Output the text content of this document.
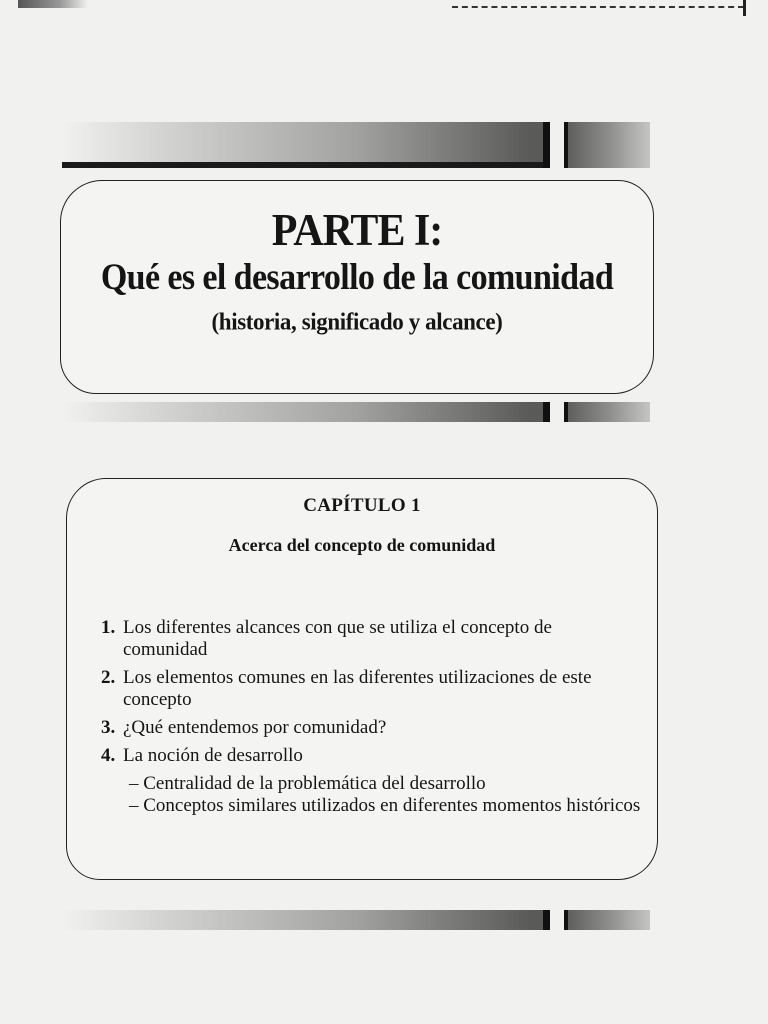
PARTE I:
Qué es el desarrollo de la comunidad
(historia, significado y alcance)
CAPÍTULO 1
Acerca del concepto de comunidad
1. Los diferentes alcances con que se utiliza el concepto de comunidad
2. Los elementos comunes en las diferentes utilizaciones de este concepto
3. ¿Qué entendemos por comunidad?
4. La noción de desarrollo
– Centralidad de la problemática del desarrollo
– Conceptos similares utilizados en diferentes momentos históricos
